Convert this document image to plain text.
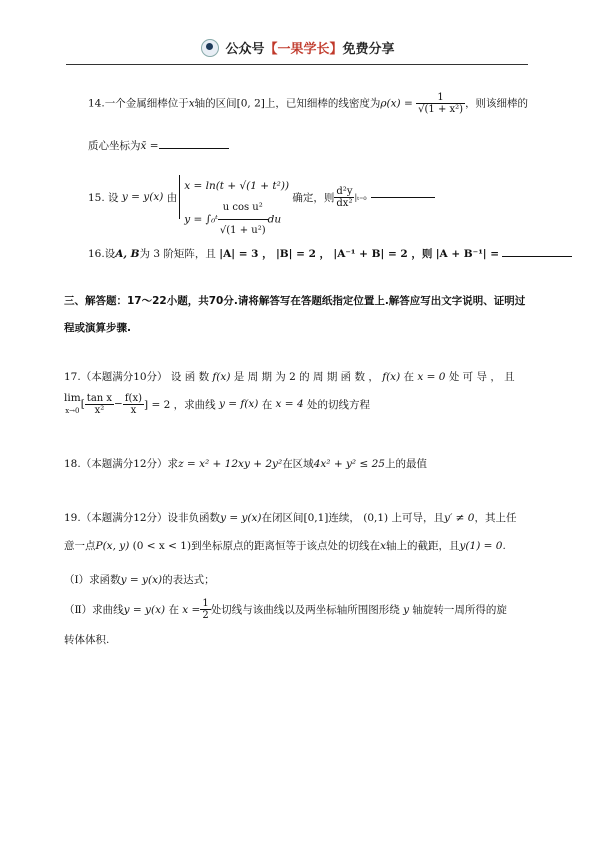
公众号【一果学长】免费分享
14.一个金属细棒位于x轴的区间[0, 2]上，已知细棒的线密度为$\rho(x) = \frac{1}{\text{√(1 + x²)}}$ ，则该细棒的
质心坐标为x̄ =
15. 设
y = y(x)
由
x = ln(t + √(1 + t²))
y = ∫₀ᵗ $\frac{\text{u cos u²}}{\text{√(1 + u²)}}$ du

确定，则 $\frac{\text{d²y}}{\text{dx²}} |_{t=0}$
16.设A, B为 3 阶矩阵，且 |A| = 3 ， |B| = 2 ， |A⁻¹ + B| = 2 ，则 |A + B⁻¹| =
三、解答题：17～22小题，共70分.请将解答写在答题纸指定位置上.解答应写出文字说明、证明过
程或演算步骤.
17.（本题满分10分） 设 函 数 f(x) 是 周 期 为 2 的 周 期 函 数 ， f(x) 在 x = 0 处 可 导 ， 且
lim
x→0
[ $\frac{\text{tan x}}{\text{x²}} - \frac{f(x)}{x}$ ] = 2 ，求曲线
y = f(x)
在
x = 4
处的切线方程
18.（本题满分12分）求z = x² + 12xy + 2y²在区域4x² + y² ≤ 25上的最值
19.（本题满分12分）设非负函数y = y(x)在闭区间[0,1]连续， (0,1) 上可导，且y′ ≠ 0，其上任
意一点P(x, y) (0 < x < 1)到坐标原点的距离恒等于该点处的切线在x轴上的截距，且y(1) = 0.
（Ⅰ）求函数y = y(x)的表达式；
（Ⅱ）求曲线 y = y(x)
在
$x = \frac{1}{2}$ 处切线与该曲线以及两坐标轴所围图形绕
y
轴旋转一周所得的旋
转体体积.
